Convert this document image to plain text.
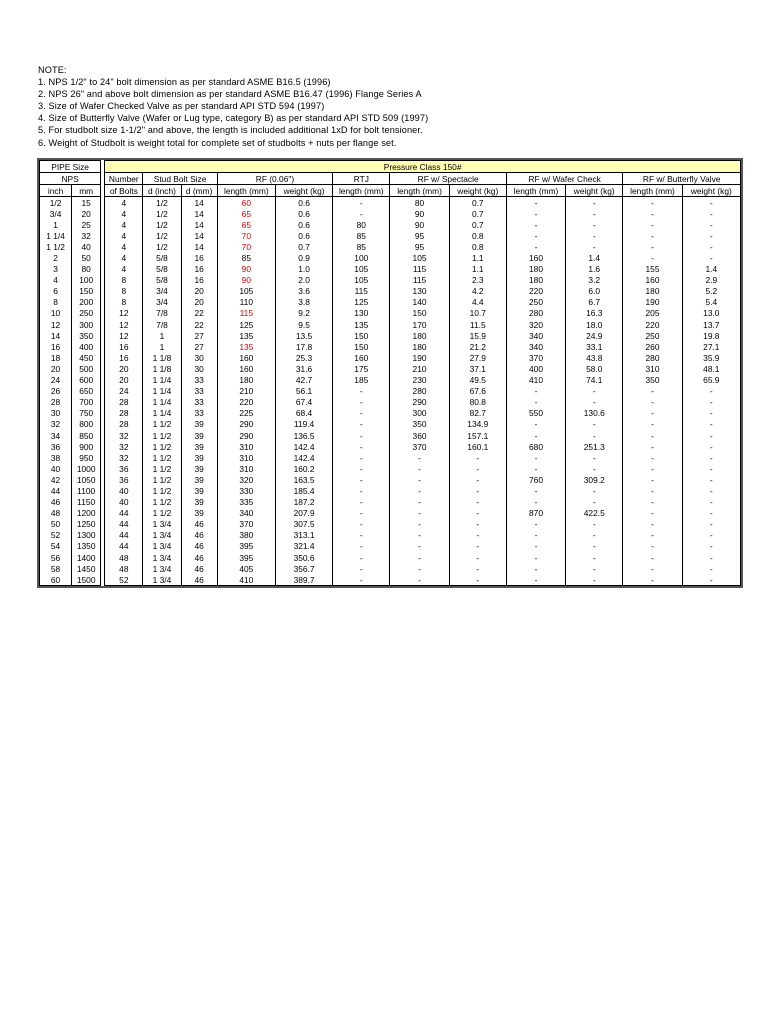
NOTE:
1. NPS 1/2" to 24" bolt dimension as per standard ASME B16.5 (1996)
2. NPS 26" and above bolt dimension as per standard ASME B16.47 (1996) Flange Series A
3. Size of Wafer Checked Valve as per standard API STD 594 (1997)
4. Size of Butterfly Valve (Wafer or Lug type, category B) as per standard API STD 509 (1997)
5. For studbolt size 1-1/2" and above, the length is included additional 1xD for bolt tensioner.
6. Weight of Studbolt is weight total for complete set of studbolts + nuts per flange set.
PIPE Size			Pressure Class 150#											
NPS			Number	Stud Bolt Size		RF (0.06")		RTJ	RF w/ Spectacle		RF w/ Wafer Check		RF w/ Butterfly Valve	
inch	mm		of Bolts	d (inch)	d (mm)	length (mm)	weight (kg)	length (mm)	length (mm)	weight (kg)	length (mm)	weight (kg)	length (mm)	weight (kg)
1/2	15		4	1/2	14	60	0.6	-	80	0.7	-	-	-	-
3/4	20		4	1/2	14	65	0.6	-	90	0.7	-	-	-	-
1	25		4	1/2	14	65	0.6	80	90	0.7	-	-	-	-
1 1/4	32		4	1/2	14	70	0.6	85	95	0.8	-	-	-	-
1 1/2	40		4	1/2	14	70	0.7	85	95	0.8	-	-	-	-
2	50		4	5/8	16	85	0.9	100	105	1.1	160	1.4	-	-
3	80		4	5/8	16	90	1.0	105	115	1.1	180	1.6	155	1.4
4	100		8	5/8	16	90	2.0	105	115	2.3	180	3.2	160	2.9
6	150		8	3/4	20	105	3.6	115	130	4.2	220	6.0	180	5.2
8	200		8	3/4	20	110	3.8	125	140	4.4	250	6.7	190	5.4
10	250		12	7/8	22	115	9.2	130	150	10.7	280	16.3	205	13.0
12	300		12	7/8	22	125	9.5	135	170	11.5	320	18.0	220	13.7
14	350		12	1	27	135	13.5	150	180	15.9	340	24.9	250	19.8
16	400		16	1	27	135	17.8	150	180	21.2	340	33.1	260	27.1
18	450		16	1 1/8	30	160	25.3	160	190	27.9	370	43.8	280	35.9
20	500		20	1 1/8	30	160	31.6	175	210	37.1	400	58.0	310	48.1
24	600		20	1 1/4	33	180	42.7	185	230	49.5	410	74.1	350	65.9
26	650		24	1 1/4	33	210	56.1	-	280	67.6	-	-	-	-
28	700		28	1 1/4	33	220	67.4	-	290	80.8	-	-	-	-
30	750		28	1 1/4	33	225	68.4	-	300	82.7	550	130.6	-	-
32	800		28	1 1/2	39	290	119.4	-	350	134.9	-	-	-	-
34	850		32	1 1/2	39	290	136.5	-	360	157.1	-	-	-	-
36	900		32	1 1/2	39	310	142.4	-	370	160.1	680	251.3	-	-
38	950		32	1 1/2	39	310	142.4	-	-	-	-	-	-	-
40	1000		36	1 1/2	39	310	160.2	-	-	-	-	-	-	-
42	1050		36	1 1/2	39	320	163.5	-	-	-	760	309.2	-	-
44	1100		40	1 1/2	39	330	185.4	-	-	-	-	-	-	-
46	1150		40	1 1/2	39	335	187.2	-	-	-	-	-	-	-
48	1200		44	1 1/2	39	340	207.9	-	-	-	870	422.5	-	-
50	1250		44	1 3/4	46	370	307.5	-	-	-	-	-	-	-
52	1300		44	1 3/4	46	380	313.1	-	-	-	-	-	-	-
54	1350		44	1 3/4	46	395	321.4	-	-	-	-	-	-	-
56	1400		48	1 3/4	46	395	350.6	-	-	-	-	-	-	-
58	1450		48	1 3/4	46	405	356.7	-	-	-	-	-	-	-
60	1500		52	1 3/4	46	410	389.7	-	-	-	-	-	-	-
